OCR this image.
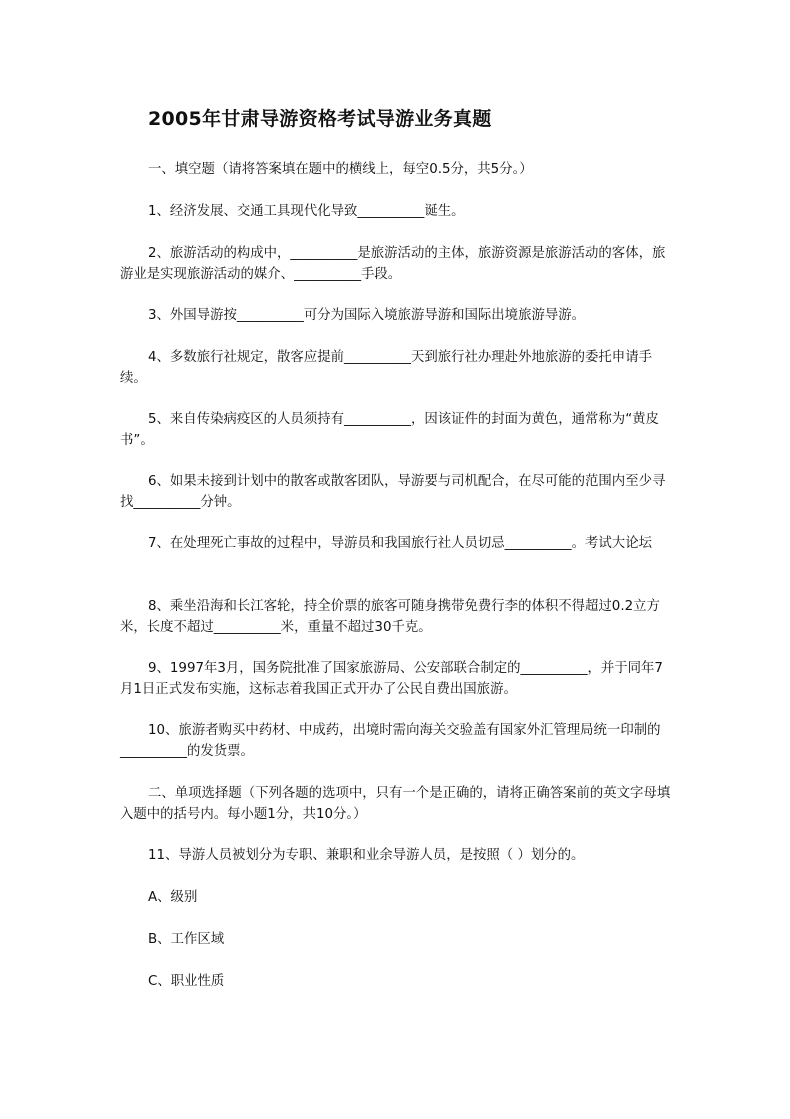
2005年甘肃导游资格考试导游业务真题

一、填空题（请将答案填在题中的横线上，每空0.5分，共5分。）

1、经济发展、交通工具现代化导致__________诞生。

2、旅游活动的构成中，__________是旅游活动的主体，旅游资源是旅游活动的客体，旅游业是实现旅游活动的媒介、__________手段。

3、外国导游按__________可分为国际入境旅游导游和国际出境旅游导游。

4、多数旅行社规定，散客应提前__________天到旅行社办理赴外地旅游的委托申请手续。

5、来自传染病疫区的人员须持有__________，因该证件的封面为黄色，通常称为“黄皮书”。

6、如果未接到计划中的散客或散客团队，导游要与司机配合，在尽可能的范围内至少寻找__________分钟。

7、在处理死亡事故的过程中，导游员和我国旅行社人员切忌__________。考试大论坛

8、乘坐沿海和长江客轮，持全价票的旅客可随身携带免费行李的体积不得超过0.2立方米，长度不超过__________米，重量不超过30千克。

9、1997年3月，国务院批准了国家旅游局、公安部联合制定的__________，并于同年7月1日正式发布实施，这标志着我国正式开办了公民自费出国旅游。

10、旅游者购买中药材、中成药，出境时需向海关交验盖有国家外汇管理局统一印制的__________的发货票。

二、单项选择题（下列各题的选项中，只有一个是正确的，请将正确答案前的英文字母填入题中的括号内。每小题1分，共10分。）

11、导游人员被划分为专职、兼职和业余导游人员，是按照（ ）划分的。

A、级别

B、工作区域

C、职业性质
